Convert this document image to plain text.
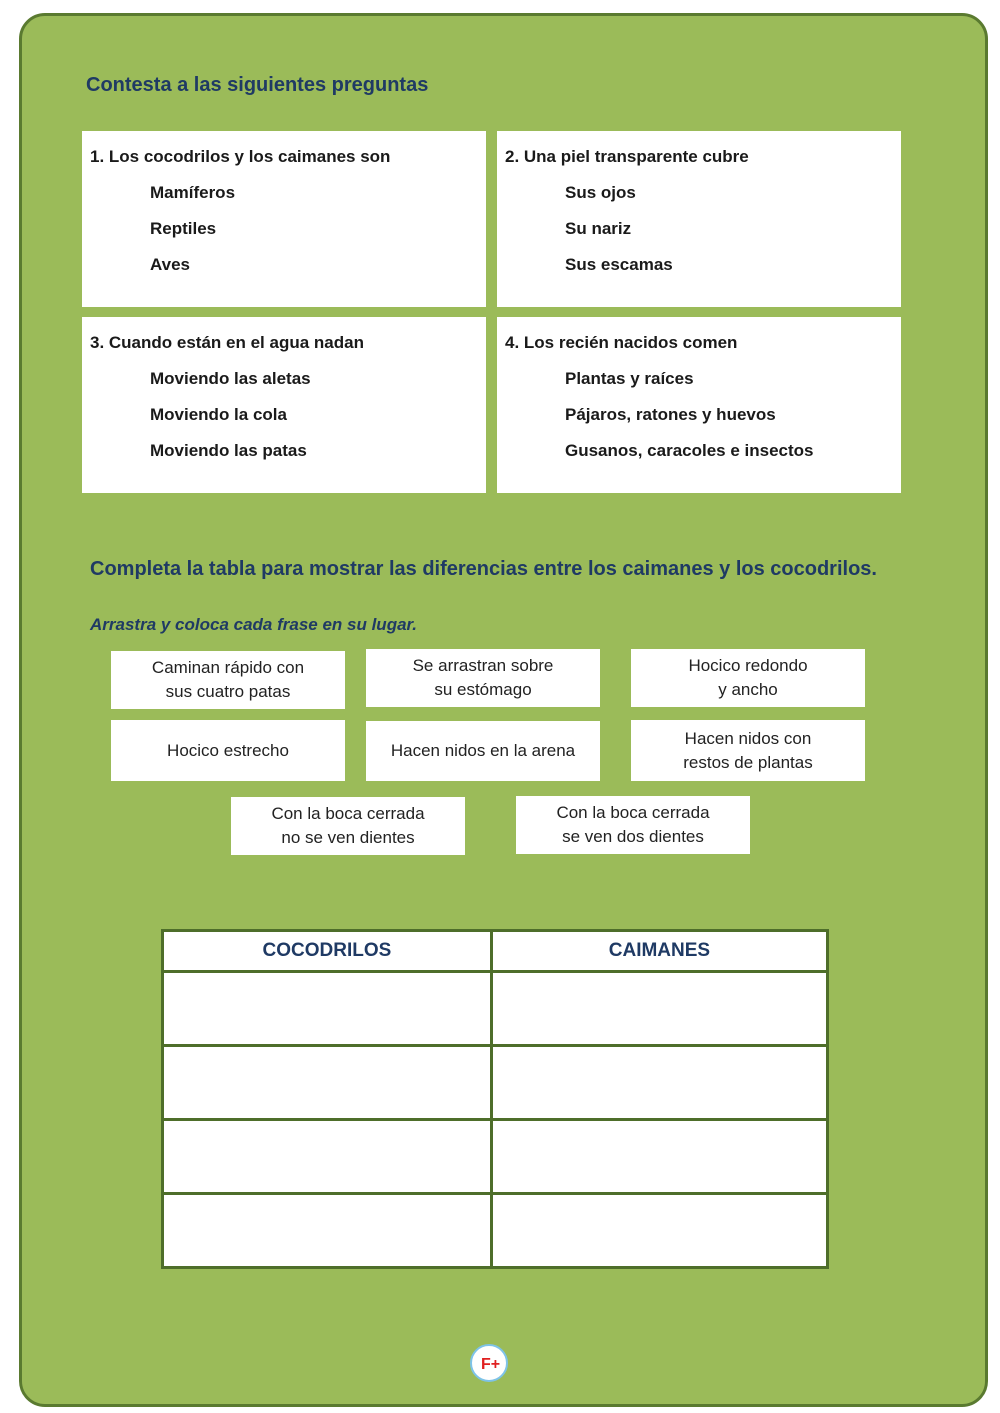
Contesta a las siguientes preguntas
1. Los cocodrilos y los caimanes son
Mamíferos
Reptiles
Aves
2. Una piel transparente cubre
Sus ojos
Su nariz
Sus escamas
3. Cuando están en el agua nadan
Moviendo las aletas
Moviendo la cola
Moviendo las patas
4. Los recién nacidos comen
Plantas y raíces
Pájaros, ratones y huevos
Gusanos, caracoles e insectos
Completa la tabla para mostrar las diferencias entre los caimanes y los cocodrilos.

Arrastra y coloca cada frase en su lugar.

Caminan rápido con
sus cuatro patas
Se arrastran sobre
su estómago
Hocico redondo
y ancho
Hocico estrecho	Hacen nidos en la arena
Hacen nidos con
restos de plantas
Con la boca cerrada
no se ven dientes
Con la boca cerrada
se ven dos dientes
COCODRILOS	CAIMANES

F+
